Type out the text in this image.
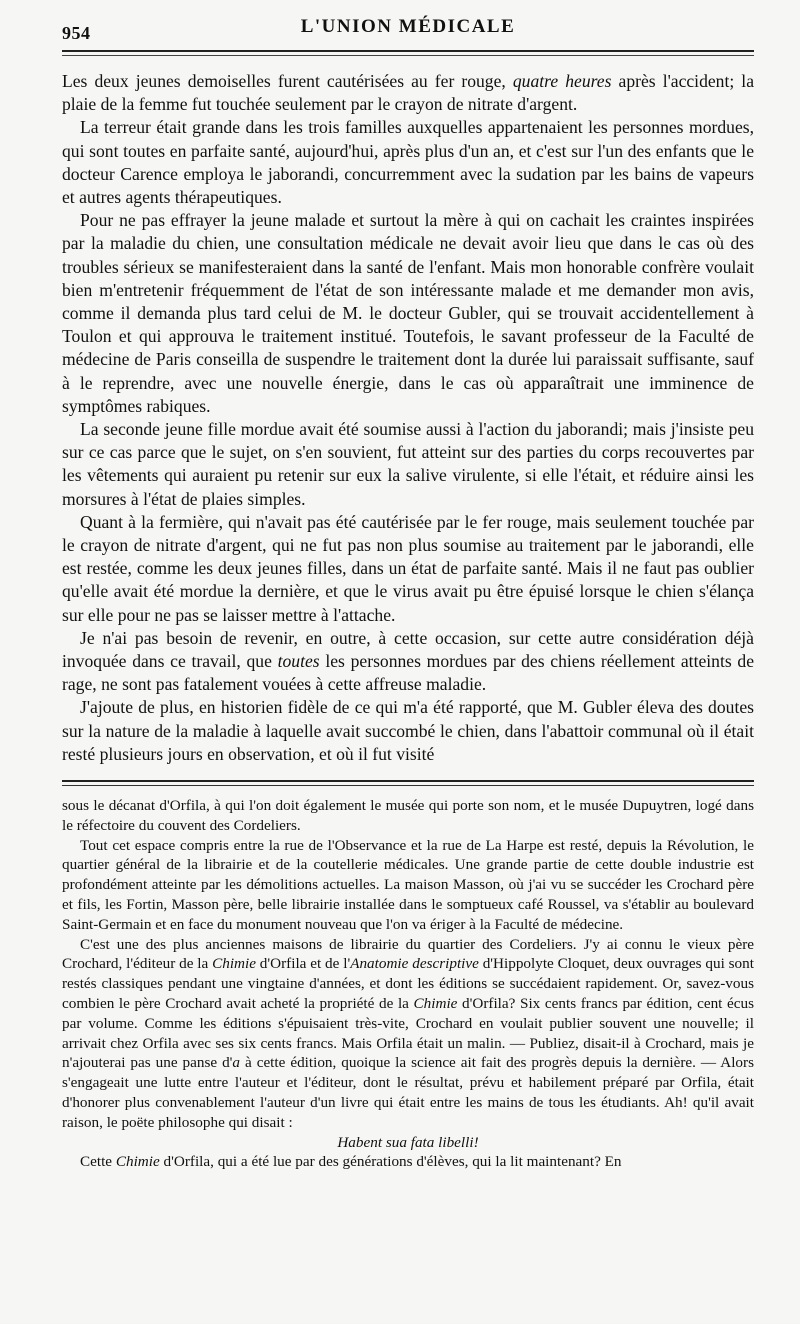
954	L'UNION MÉDICALE

Les deux jeunes demoiselles furent cautérisées au fer rouge, quatre heures après l'accident; la plaie de la femme fut touchée seulement par le crayon de nitrate d'argent.

La terreur était grande dans les trois familles auxquelles appartenaient les personnes mordues, qui sont toutes en parfaite santé, aujourd'hui, après plus d'un an, et c'est sur l'un des enfants que le docteur Carence employa le jaborandi, concurremment avec la sudation par les bains de vapeurs et autres agents thérapeutiques.

Pour ne pas effrayer la jeune malade et surtout la mère à qui on cachait les craintes inspirées par la maladie du chien, une consultation médicale ne devait avoir lieu que dans le cas où des troubles sérieux se manifesteraient dans la santé de l'enfant. Mais mon honorable confrère voulait bien m'entretenir fréquemment de l'état de son intéressante malade et me demander mon avis, comme il demanda plus tard celui de M. le docteur Gubler, qui se trouvait accidentellement à Toulon et qui approuva le traitement institué. Toutefois, le savant professeur de la Faculté de médecine de Paris conseilla de suspendre le traitement dont la durée lui paraissait suffisante, sauf à le reprendre, avec une nouvelle énergie, dans le cas où apparaîtrait une imminence de symptômes rabiques.

La seconde jeune fille mordue avait été soumise aussi à l'action du jaborandi; mais j'insiste peu sur ce cas parce que le sujet, on s'en souvient, fut atteint sur des parties du corps recouvertes par les vêtements qui auraient pu retenir sur eux la salive virulente, si elle l'était, et réduire ainsi les morsures à l'état de plaies simples.

Quant à la fermière, qui n'avait pas été cautérisée par le fer rouge, mais seulement touchée par le crayon de nitrate d'argent, qui ne fut pas non plus soumise au traitement par le jaborandi, elle est restée, comme les deux jeunes filles, dans un état de parfaite santé. Mais il ne faut pas oublier qu'elle avait été mordue la dernière, et que le virus avait pu être épuisé lorsque le chien s'élança sur elle pour ne pas se laisser mettre à l'attache.

Je n'ai pas besoin de revenir, en outre, à cette occasion, sur cette autre considération déjà invoquée dans ce travail, que toutes les personnes mordues par des chiens réellement atteints de rage, ne sont pas fatalement vouées à cette affreuse maladie.

J'ajoute de plus, en historien fidèle de ce qui m'a été rapporté, que M. Gubler éleva des doutes sur la nature de la maladie à laquelle avait succombé le chien, dans l'abattoir communal où il était resté plusieurs jours en observation, et où il fut visité

sous le décanat d'Orfila, à qui l'on doit également le musée qui porte son nom, et le musée Dupuytren, logé dans le réfectoire du couvent des Cordeliers.

Tout cet espace compris entre la rue de l'Observance et la rue de La Harpe est resté, depuis la Révolution, le quartier général de la librairie et de la coutellerie médicales. Une grande partie de cette double industrie est profondément atteinte par les démolitions actuelles. La maison Masson, où j'ai vu se succéder les Crochard père et fils, les Fortin, Masson père, belle librairie installée dans le somptueux café Roussel, va s'établir au boulevard Saint-Germain et en face du monument nouveau que l'on va ériger à la Faculté de médecine.

C'est une des plus anciennes maisons de librairie du quartier des Cordeliers. J'y ai connu le vieux père Crochard, l'éditeur de la Chimie d'Orfila et de l'Anatomie descriptive d'Hippolyte Cloquet, deux ouvrages qui sont restés classiques pendant une vingtaine d'années, et dont les éditions se succédaient rapidement. Or, savez-vous combien le père Crochard avait acheté la propriété de la Chimie d'Orfila? Six cents francs par édition, cent écus par volume. Comme les éditions s'épuisaient très-vite, Crochard en voulait publier souvent une nouvelle; il arrivait chez Orfila avec ses six cents francs. Mais Orfila était un malin. — Publiez, disait-il à Crochard, mais je n'ajouterai pas une panse d'a à cette édition, quoique la science ait fait des progrès depuis la dernière. — Alors s'engageait une lutte entre l'auteur et l'éditeur, dont le résultat, prévu et habilement préparé par Orfila, était d'honorer plus convenablement l'auteur d'un livre qui était entre les mains de tous les étudiants. Ah! qu'il avait raison, le poëte philosophe qui disait :

Habent sua fata libelli!

Cette Chimie d'Orfila, qui a été lue par des générations d'élèves, qui la lit maintenant? En
